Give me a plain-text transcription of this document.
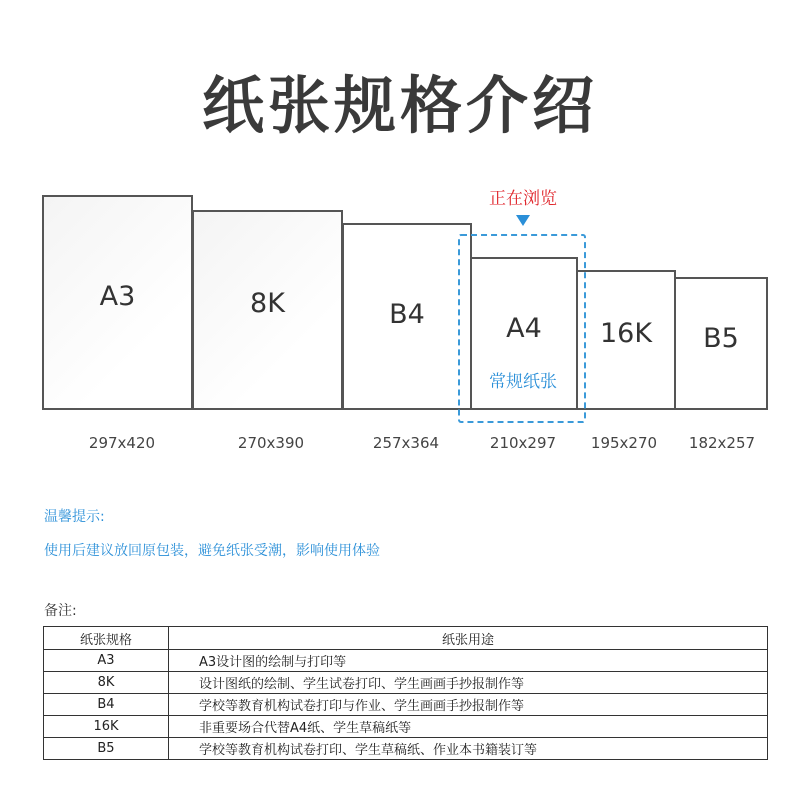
纸张规格介绍
A3	8K	B4	A4	16K	B5
常规纸张
正在浏览
297x420	270x390	257x364	210x297	195x270	182x257
温馨提示:
使用后建议放回原包装，避免纸张受潮，影响使用体验
备注:
纸张规格	纸张用途
A3	A3设计图的绘制与打印等
8K	设计图纸的绘制、学生试卷打印、学生画画手抄报制作等
B4	学校等教育机构试卷打印与作业、学生画画手抄报制作等
16K	非重要场合代替A4纸、学生草稿纸等
B5	学校等教育机构试卷打印、学生草稿纸、作业本书籍装订等
